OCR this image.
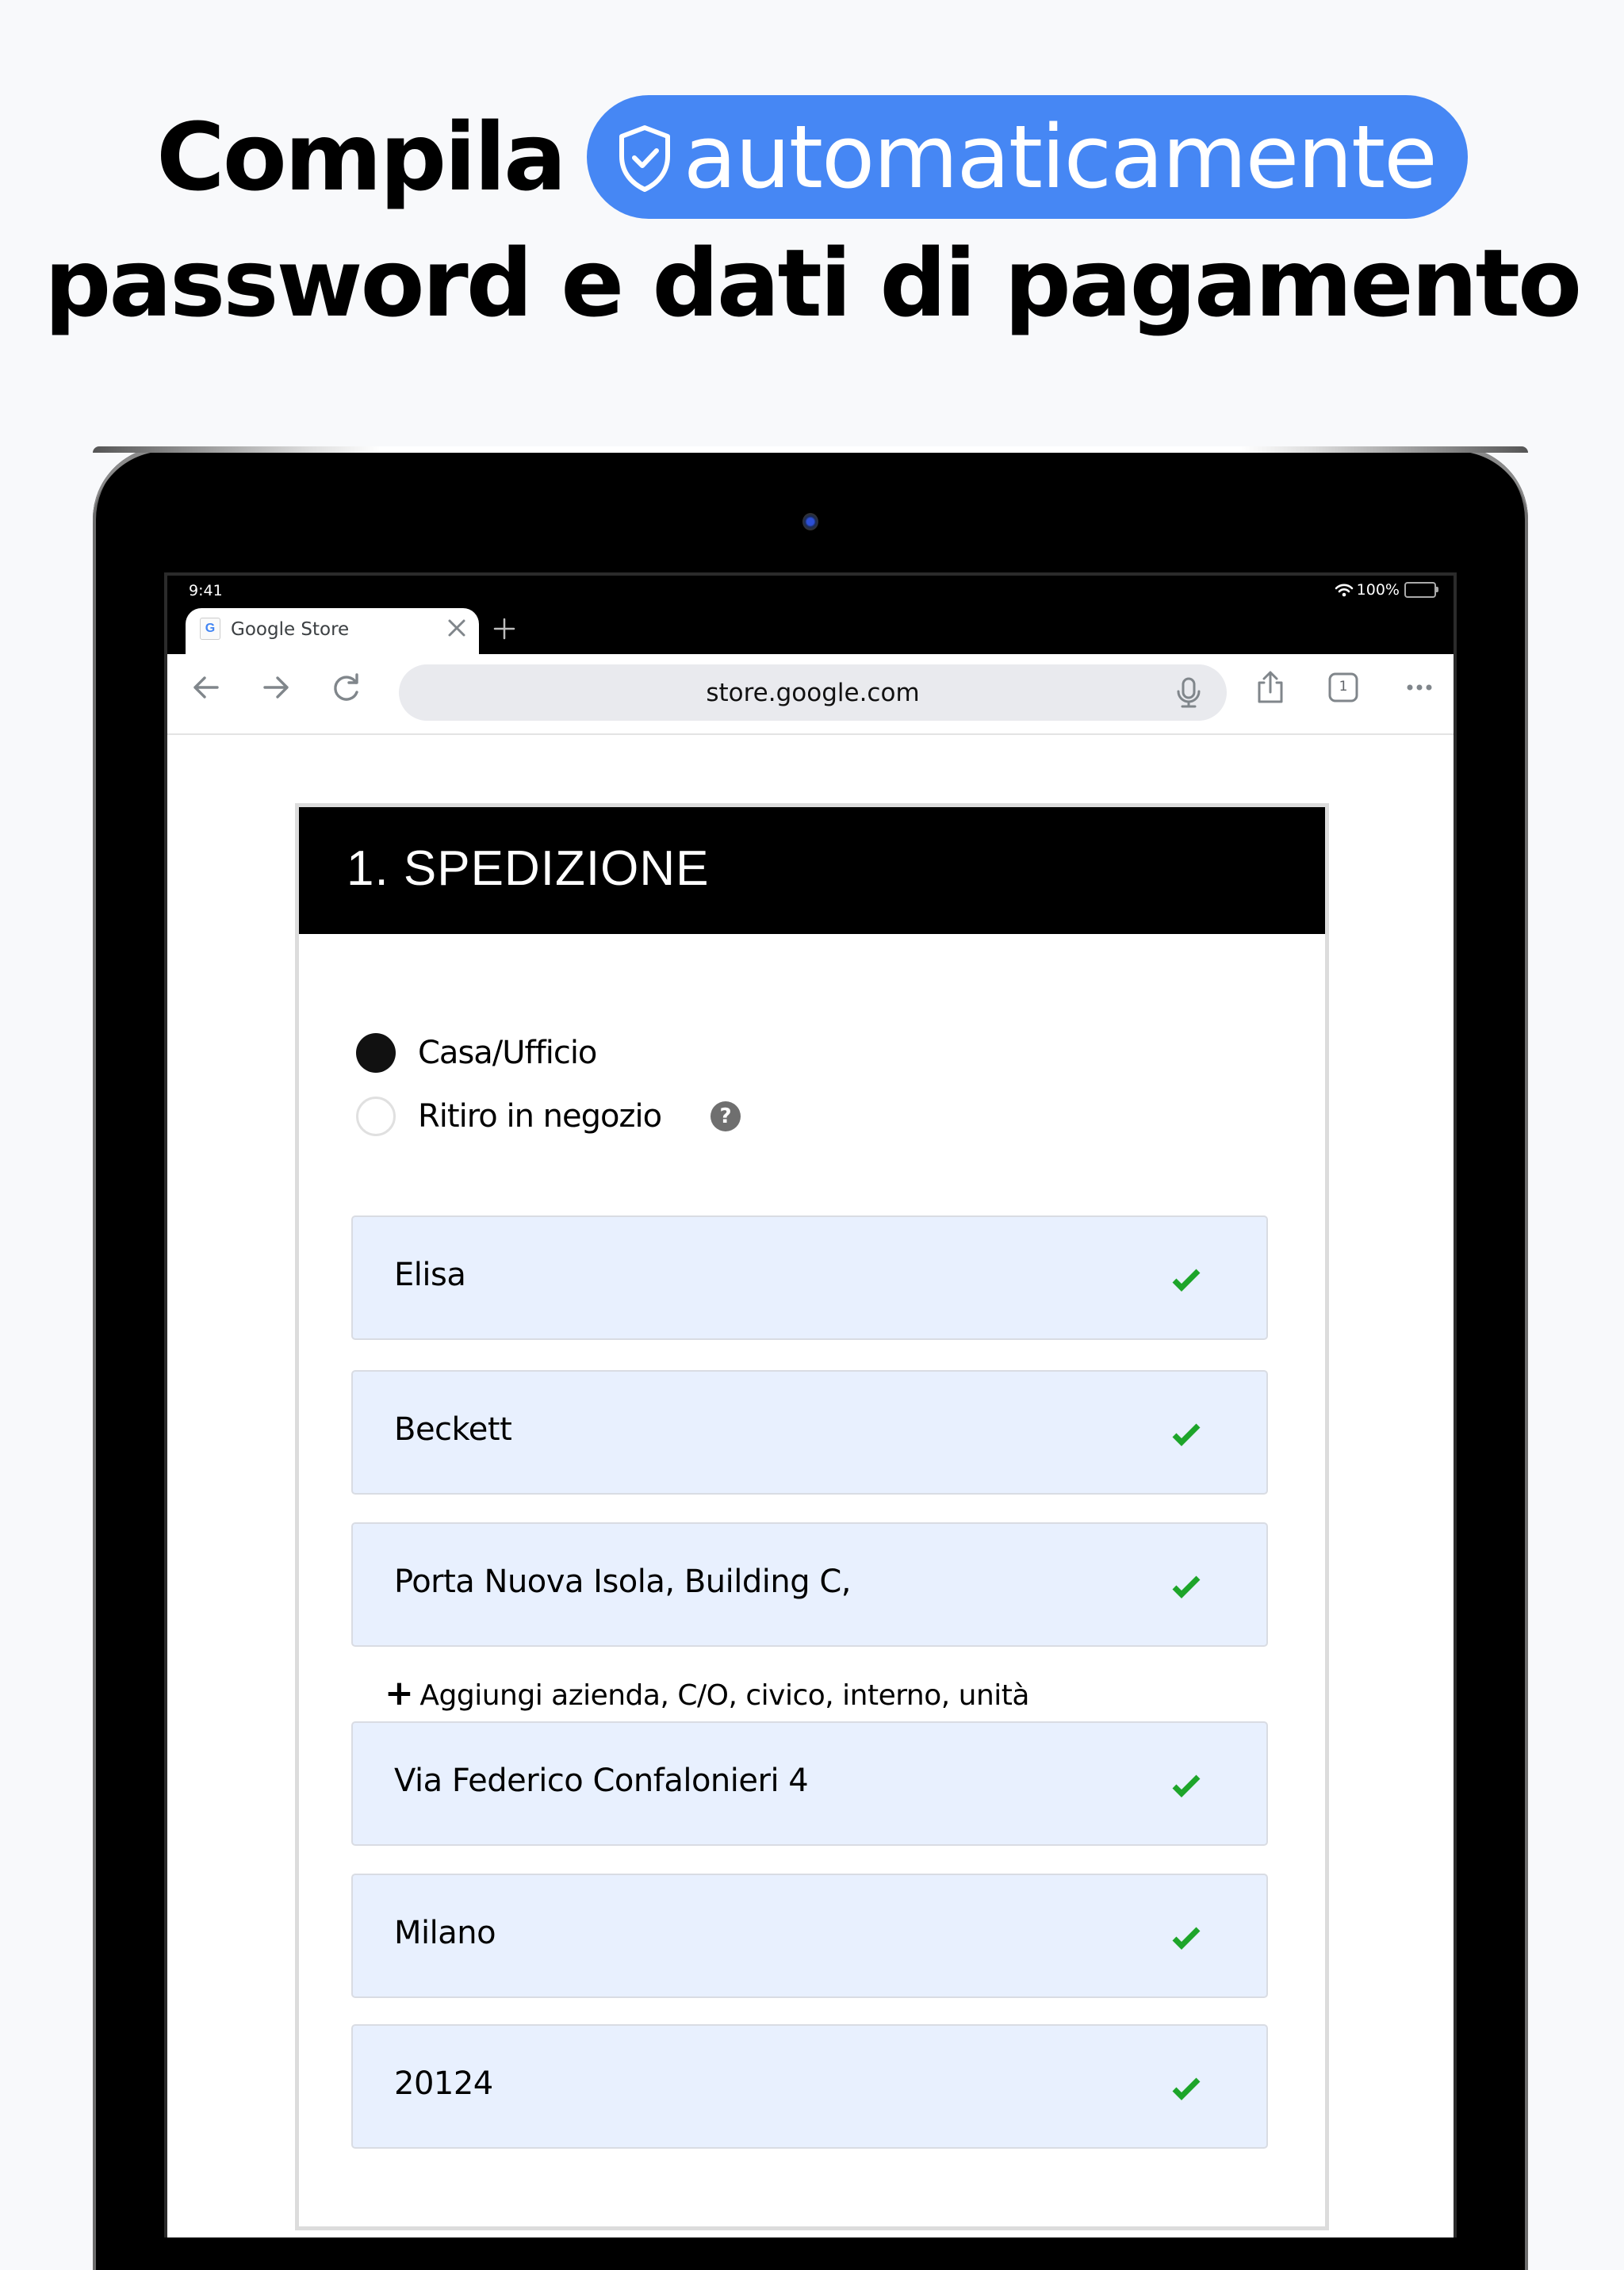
Compila automaticamente
password e dati di pagamento
9:41	100%
G Google Store
store.google.com	1
1. SPEDIZIONE
Casa/Ufficio
Ritiro in negozio	?
Elisa
Beckett
Porta Nuova Isola, Building C,
+ Aggiungi azienda, C/O, civico, interno, unità
Via Federico Confalonieri 4
Milano
20124
